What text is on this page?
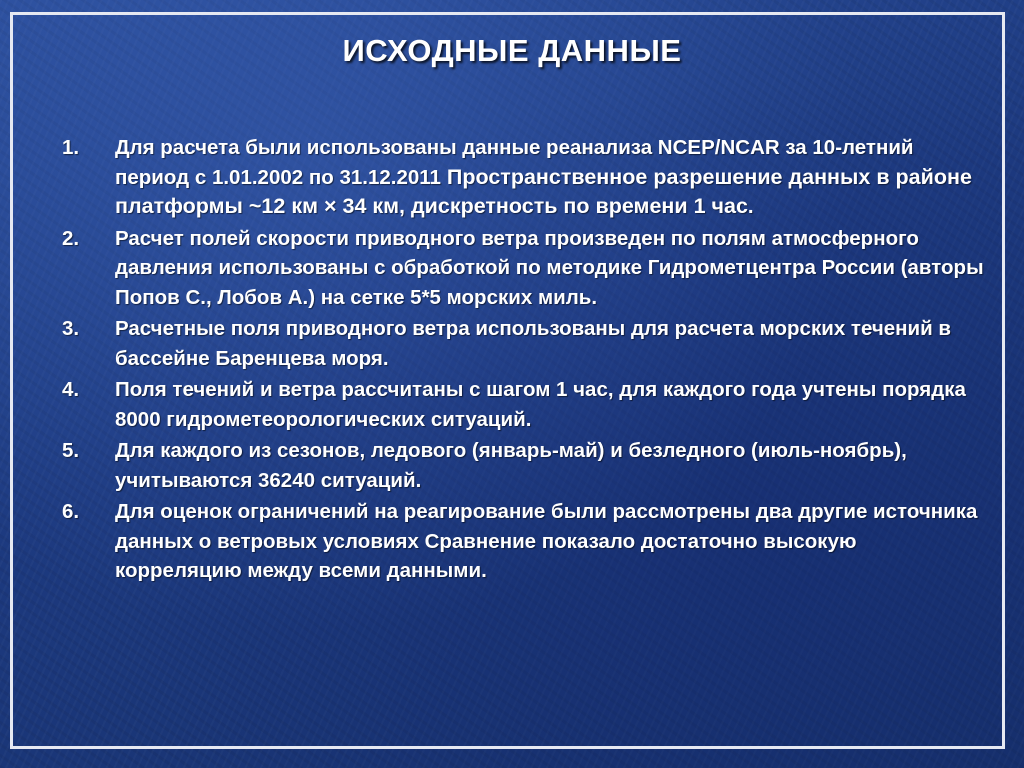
ИСХОДНЫЕ ДАННЫЕ
1.	Для расчета были использованы данные реанализа NCEP/NCAR за 10-летний период с 1.01.2002 по 31.12.2011 Пространственное разрешение данных в районе платформы ~12 км × 34 км, дискретность по времени 1 час.
2.	Расчет полей скорости приводного ветра произведен по полям атмосферного давления использованы с обработкой по методике Гидрометцентра России (авторы Попов С., Лобов А.) на сетке 5*5 морских миль.
3.	Расчетные поля приводного ветра использованы для расчета морских течений в бассейне Баренцева моря.
4.	Поля течений и ветра рассчитаны с шагом 1 час, для каждого года учтены порядка 8000 гидрометеорологических ситуаций.
5.	Для каждого из сезонов, ледового (январь-май) и безледного (июль-ноябрь), учитываются 36240 ситуаций.
6.	Для оценок ограничений на реагирование были рассмотрены два другие источника данных о ветровых условиях Сравнение показало достаточно высокую корреляцию между всеми данными.
